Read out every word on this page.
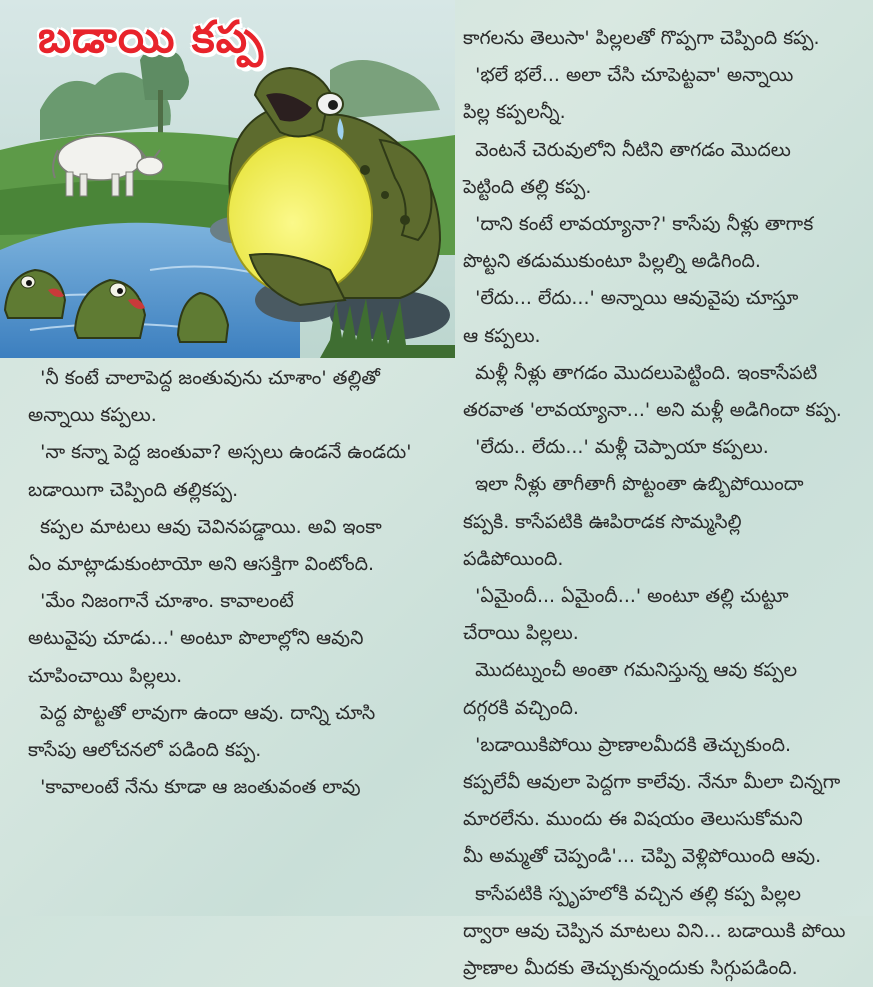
బడాయి కప్ప

'నీ కంటే చాలాపెద్ద జంతువును చూశాం' తల్లితో
అన్నాయి కప్పలు.
'నా కన్నా పెద్ద జంతువా? అస్సలు ఉండనే ఉండదు'
బడాయిగా చెప్పింది తల్లికప్ప.
కప్పల మాటలు ఆవు చెవినపడ్డాయి. అవి ఇంకా
ఏం మాట్లాడుకుంటాయో అని ఆసక్తిగా వింటోంది.
'మేం నిజంగానే చూశాం. కావాలంటే
అటువైపు చూడు...' అంటూ పొలాల్లోని ఆవుని
చూపించాయి పిల్లలు.
పెద్ద పొట్టతో లావుగా ఉందా ఆవు. దాన్ని చూసి
కాసేపు ఆలోచనలో పడింది కప్ప.
'కావాలంటే నేను కూడా ఆ జంతువంత లావు

కాగలను తెలుసా' పిల్లలతో గొప్పగా చెప్పింది కప్ప.
'భలే భలే... అలా చేసి చూపెట్టవా' అన్నాయి
పిల్ల కప్పలన్నీ.
వెంటనే చెరువులోని నీటిని తాగడం మొదలు
పెట్టింది తల్లి కప్ప.
'దాని కంటే లావయ్యానా?' కాసేపు నీళ్లు తాగాక
పొట్టని తడుముకుంటూ పిల్లల్ని అడిగింది.
'లేదు... లేదు...' అన్నాయి ఆవువైపు చూస్తూ
ఆ కప్పలు.
మళ్లీ నీళ్లు తాగడం మొదలుపెట్టింది. ఇంకాసేపటి
తరవాత 'లావయ్యానా...' అని మళ్లీ అడిగిందా కప్ప.
'లేదు.. లేదు...' మళ్లీ చెప్పాయా కప్పలు.
ఇలా నీళ్లు తాగీతాగీ పొట్టంతా ఉబ్బిపోయిందా
కప్పకి. కాసేపటికి ఊపిరాడక సొమ్మసిల్లి
పడిపోయింది.
'ఏమైందీ... ఏమైందీ...' అంటూ తల్లి చుట్టూ
చేరాయి పిల్లలు.
మొదట్నుంచీ అంతా గమనిస్తున్న ఆవు కప్పల
దగ్గరకి వచ్చింది.
'బడాయికిపోయి ప్రాణాలమీదకి తెచ్చుకుంది.
కప్పలేవీ ఆవులా పెద్దగా కాలేవు. నేనూ మీలా చిన్నగా
మారలేను. ముందు ఈ విషయం తెలుసుకోమని
మీ అమ్మతో చెప్పండి'... చెప్పి వెళ్లిపోయింది ఆవు.
కాసేపటికి స్పృహలోకి వచ్చిన తల్లి కప్ప పిల్లల
ద్వారా ఆవు చెప్పిన మాటలు విని... బడాయికి పోయి
ప్రాణాల మీదకు తెచ్చుకున్నందుకు సిగ్గుపడింది.
